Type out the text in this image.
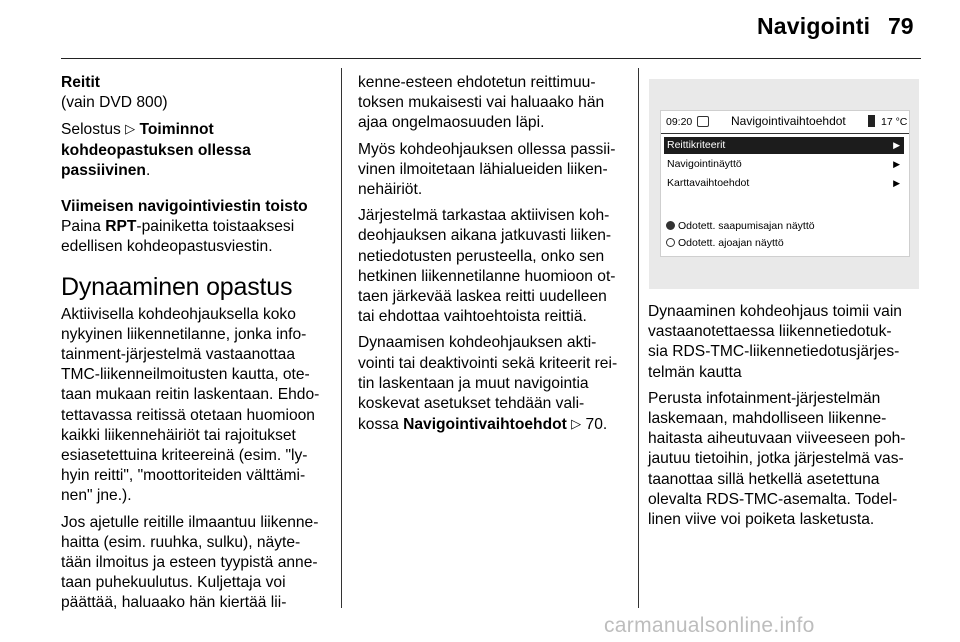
Navigointi 79
Reitit

(vain DVD 800)

Selostus ▷ Toiminnot
kohdeopastuksen ollessa

passiivinen.

Viimeisen navigointiviestin toisto
Paina RPT-painiketta toistaaksesi

edellisen kohdeopastusviestin.

Dynaaminen opastus

Aktiivisella kohdeohjauksella koko
nykyinen liikennetilanne, jonka info-
tainment-järjestelmä vastaanottaa
TMC-liikenneilmoitusten kautta, ote-
taan mukaan reitin laskentaan. Ehdo-
tettavassa reitissä otetaan huomioon
kaikki liikennehäiriöt tai rajoitukset
esiasetettuina kriteereinä (esim. "ly-
hyin reitti", "moottoriteiden välttämi-
nen" jne.).

Jos ajetulle reitille ilmaantuu liikenne-
haitta (esim. ruuhka, sulku), näyte-
tään ilmoitus ja esteen tyypistä anne-
taan puhekuulutus. Kuljettaja voi
päättää, haluaako hän kiertää lii-

kenne-esteen ehdotetun reittimuu-
toksen mukaisesti vai haluaako hän
ajaa ongelmaosuuden läpi.

Myös kohdeohjauksen ollessa passii-
vinen ilmoitetaan lähialueiden liiken-
nehäiriöt.

Järjestelmä tarkastaa aktiivisen koh-
deohjauksen aikana jatkuvasti liiken-
netiedotusten perusteella, onko sen
hetkinen liikennetilanne huomioon ot-
taen järkevää laskea reitti uudelleen
tai ehdottaa vaihtoehtoista reittiä.

Dynaamisen kohdeohjauksen akti-
vointi tai deaktivointi sekä kriteerit rei-
tin laskentaan ja muut navigointia
koskevat asetukset tehdään vali-
kossa Navigointivaihtoehdot ▷ 70.

09:20	Navigointivaihtoehdot	17 °C
Reittikriteerit	▶
Navigointinäyttö	▶
Karttavaihtoehdot	▶
Odotett. saapumisajan näyttö
Odotett. ajoajan näyttö

Dynaaminen kohdeohjaus toimii vain
vastaanotettaessa liikennetiedotuk-
sia RDS-TMC-liikennetiedotusjärjes-
telmän kautta

Perusta infotainment-järjestelmän
laskemaan, mahdolliseen liikenne-
haitasta aiheutuvaan viiveeseen poh-
jautuu tietoihin, jotka järjestelmä vas-
taanottaa sillä hetkellä asetettuna
olevalta RDS-TMC-asemalta. Todel-
linen viive voi poiketa lasketusta.

carmanualsonline.info
